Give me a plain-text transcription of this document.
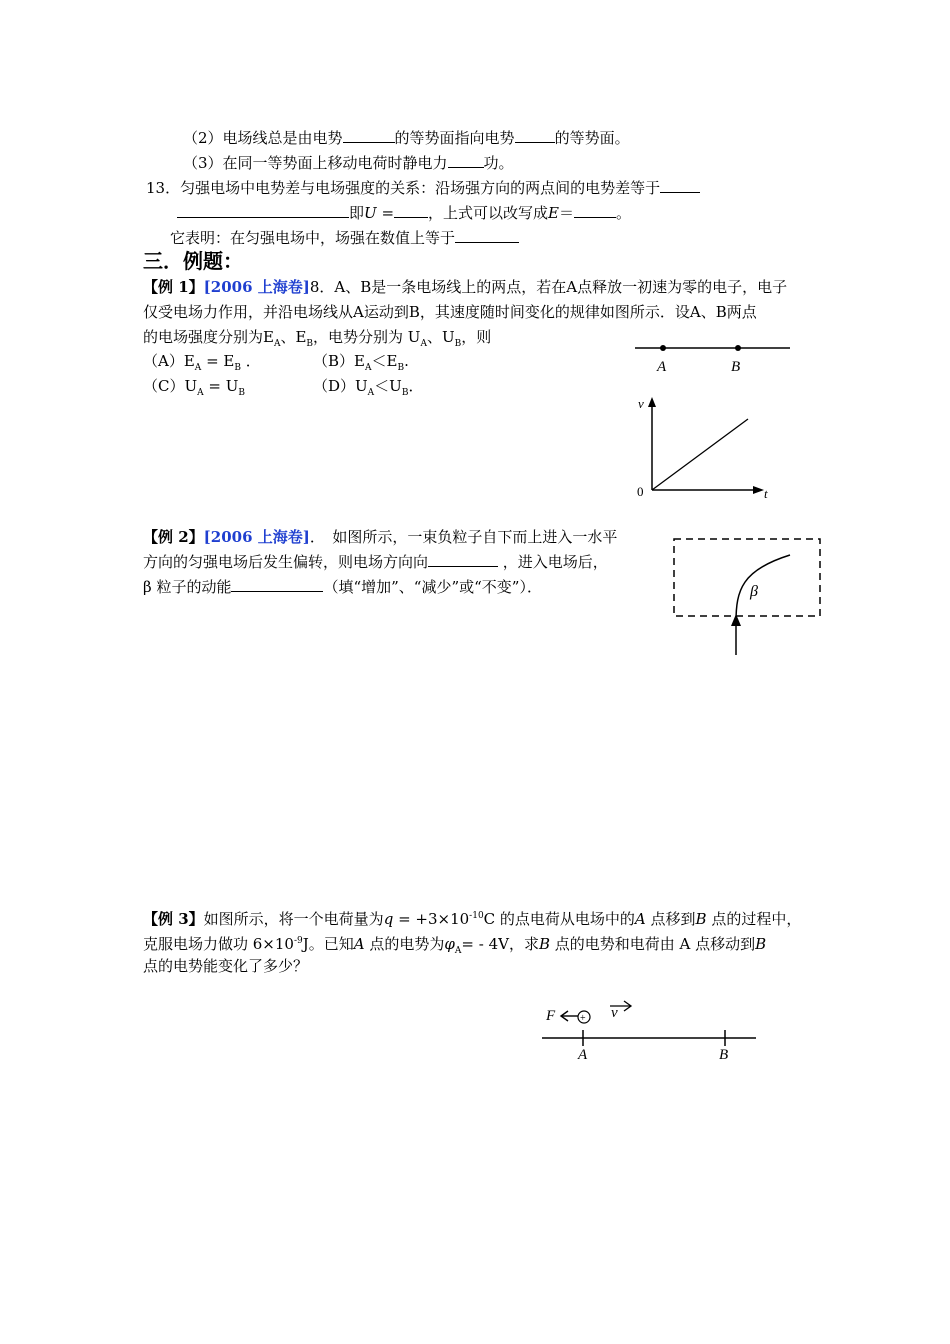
（2）电场线总是由电势	的等势面指向电势	的等势面。
（3）在同一等势面上移动电荷时静电力 功。
13．匀强电场中电势差与电场强度的关系：沿场强方向的两点间的电势差等于
即U = ，上式可以改写成E＝	。
它表明：在匀强电场中，场强在数值上等于
三．例题：
【例 1】[2006 上海卷]8．A、B是一条电场线上的两点，若在A点释放一初速为零的电子，电子
仅受电场力作用，并沿电场线从A运动到B，其速度随时间变化的规律如图所示．设A、B两点
的电场强度分别为$E_A$、$E_B$，电势分别为 $U_A$、$U_B$，则
$(A)E_A = E_B$ ．	$(B)E_A<E_B$.
$(C)U_A = U_B$	$(D)U_A<U_B$．
A	B
v
t
0
【例 2】[2006 上海卷]．　如图所示，一束负粒子自下而上进入一水平
方向的匀强电场后发生偏转，则电场方向向	，进入电场后，
β 粒子的动能	（填“增加”、“减少”或“不变”）．	β
【例 3】如图所示，将一个电荷量为$q = +3\times 10^{-10}C$ 的点电荷从电场中的A 点移到B 点的过程中，
克服电场力做功 $6\times 10^{-9}J$。已知A 点的电势为$\varphi_A= - 4V$，求B 点的电势和电荷由 A 点移动到B
点的电势能变化了多少？
A	B
F + v
